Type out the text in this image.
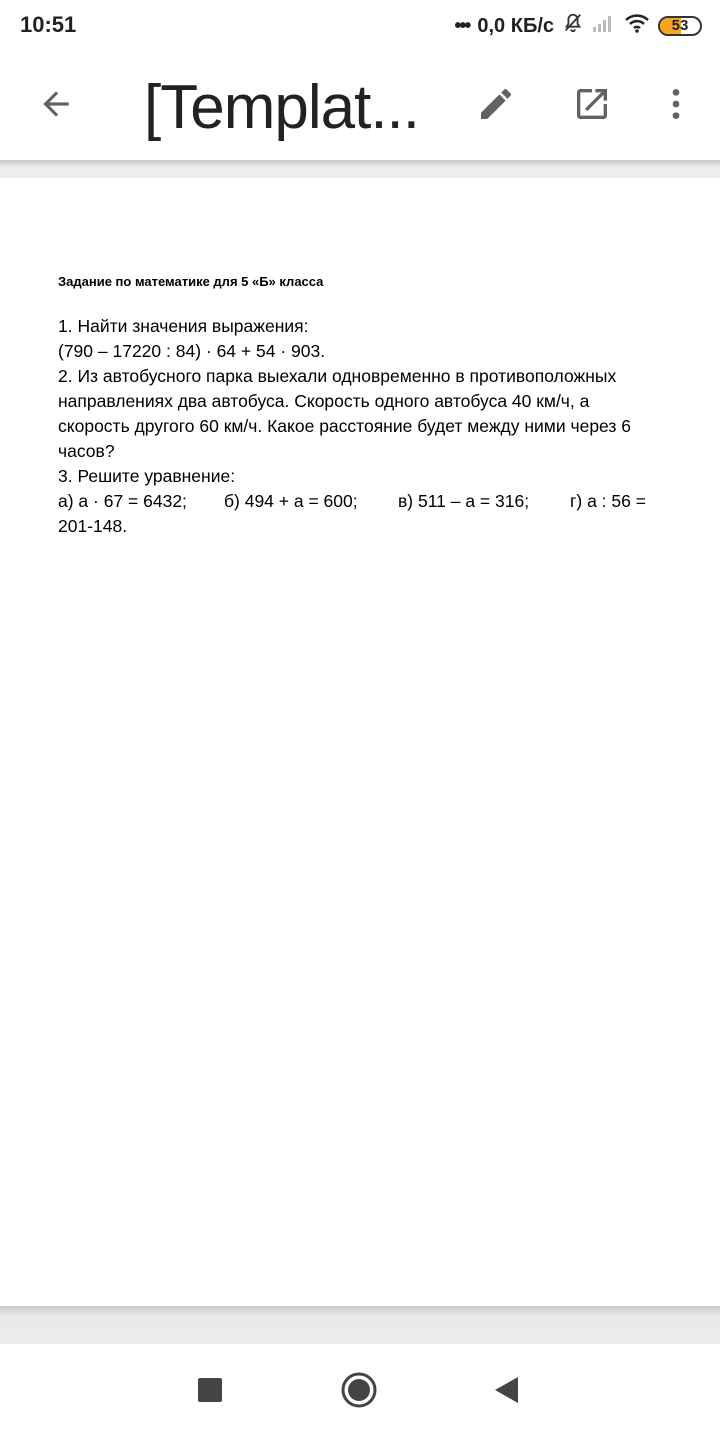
10:51	••• 0,0 КБ/с	53
[Templat...
Задание по математике для 5 «Б» класса
1. Найти значения выражения:
(790 – 17220 : 84) · 64 + 54 · 903.
2. Из автобусного парка выехали одновременно в противоположных
направлениях два автобуса. Скорость одного автобуса 40 км/ч, а
скорость другого 60 км/ч. Какое расстояние будет между ними через 6
часов?
3. Решите уравнение:
а) а · 67 = 6432; б) 494 + а = 600; в) 511 – а = 316; г) а : 56 =
201-148.
